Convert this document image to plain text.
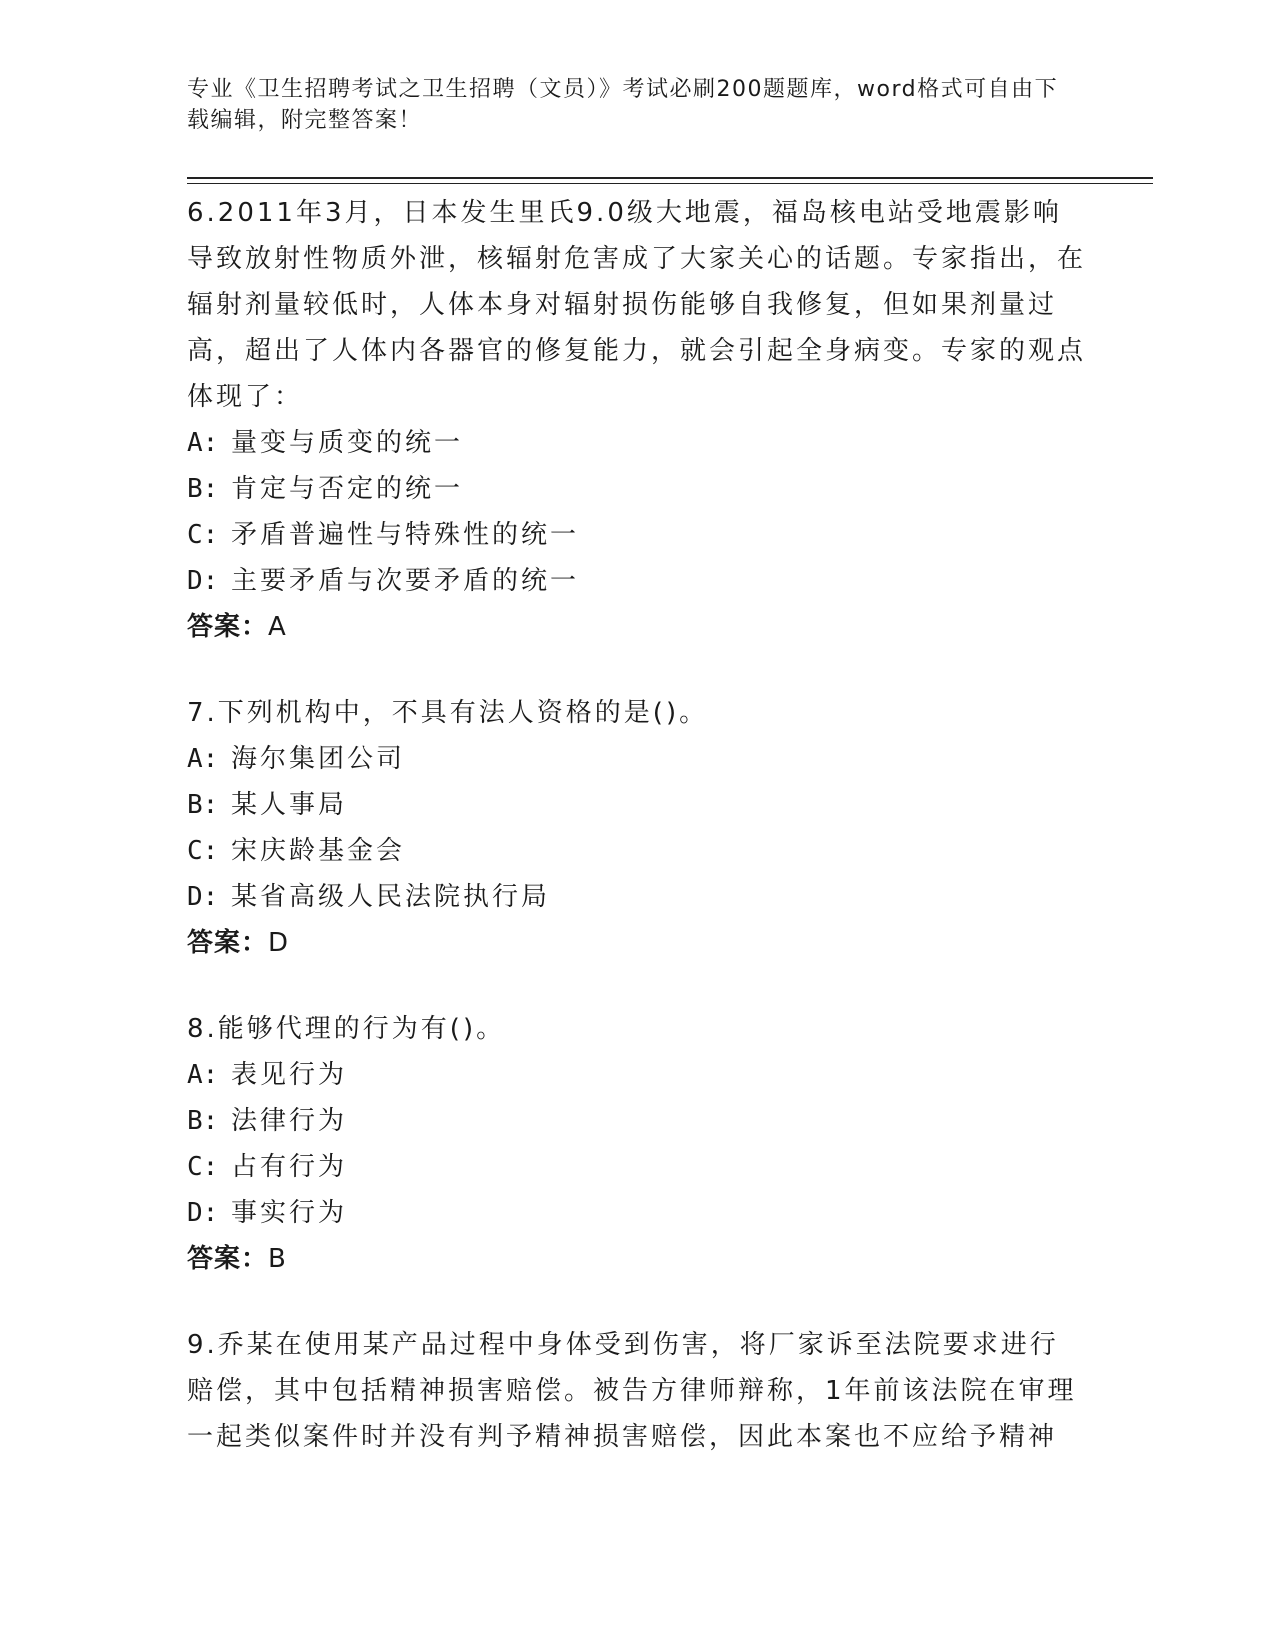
专业《卫生招聘考试之卫生招聘（文员）》考试必刷200题题库，word格式可自由下载编辑，附完整答案！

6.2011年3月，日本发生里氏9.0级大地震，福岛核电站受地震影响导致放射性物质外泄，核辐射危害成了大家关心的话题。专家指出，在辐射剂量较低时，人体本身对辐射损伤能够自我修复，但如果剂量过高，超出了人体内各器官的修复能力，就会引起全身病变。专家的观点体现了：

A: 量变与质变的统一

B: 肯定与否定的统一

C: 矛盾普遍性与特殊性的统一

D: 主要矛盾与次要矛盾的统一

答案：A

7.下列机构中，不具有法人资格的是()。

A: 海尔集团公司

B: 某人事局

C: 宋庆龄基金会

D: 某省高级人民法院执行局

答案：D

8.能够代理的行为有()。

A: 表见行为

B: 法律行为

C: 占有行为

D: 事实行为

答案：B

9.乔某在使用某产品过程中身体受到伤害，将厂家诉至法院要求进行赔偿，其中包括精神损害赔偿。被告方律师辩称，1年前该法院在审理一起类似案件时并没有判予精神损害赔偿，因此本案也不应给予精神
